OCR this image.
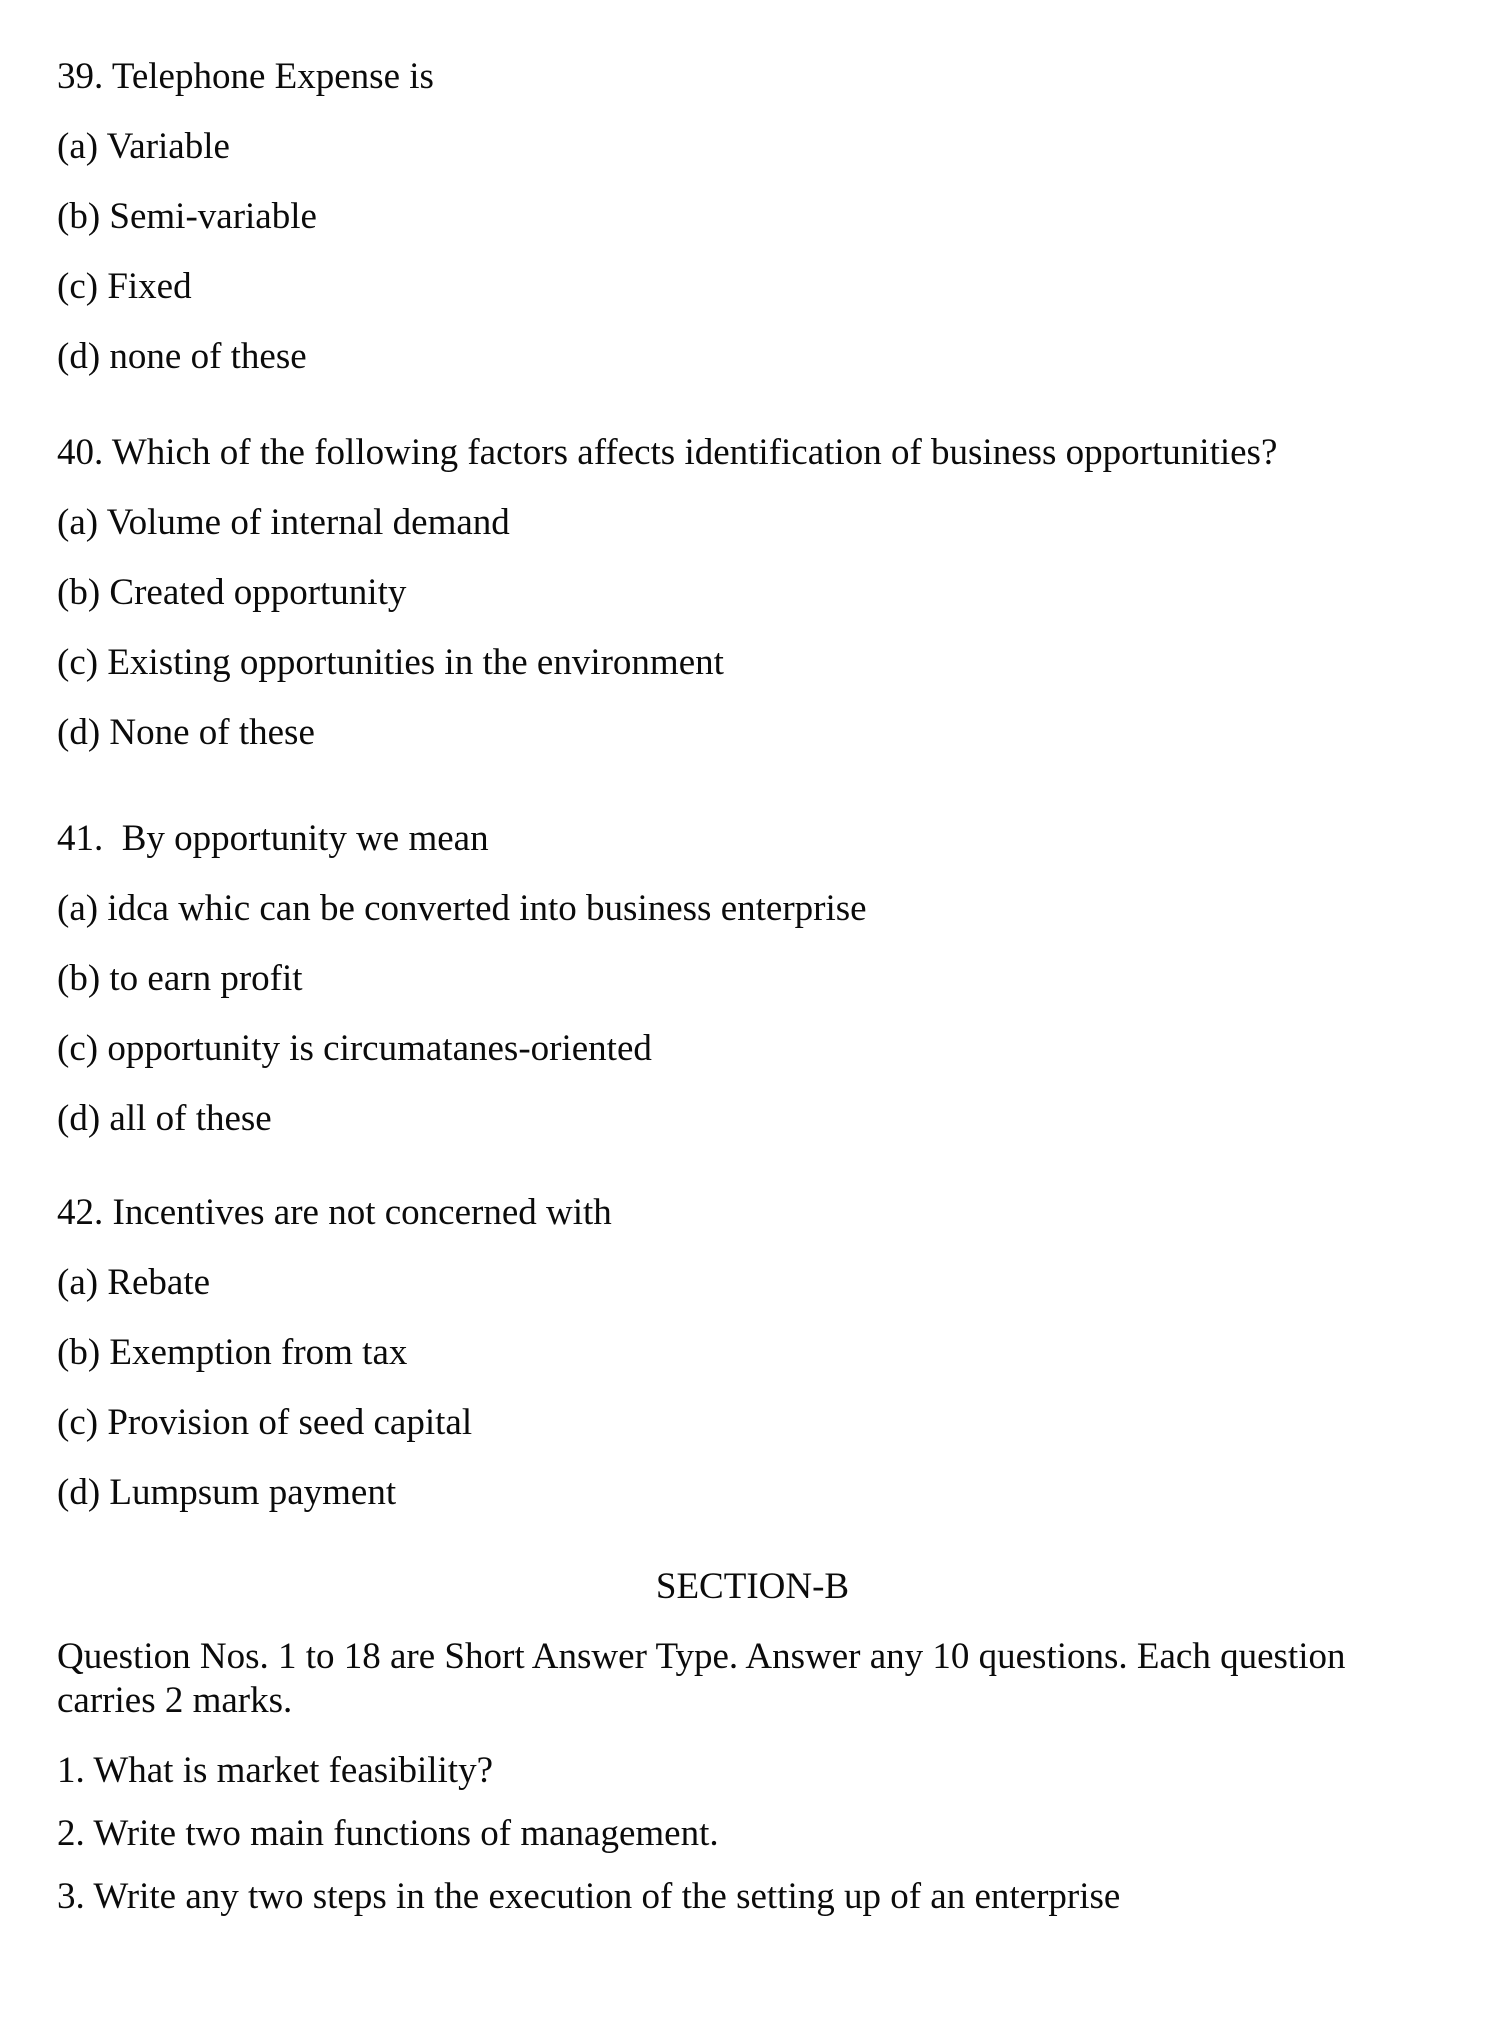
39. Telephone Expense is

(a) Variable

(b) Semi-variable

(c) Fixed

(d) none of these

40. Which of the following factors affects identification of business opportunities?

(a) Volume of internal demand

(b) Created opportunity

(c) Existing opportunities in the environment

(d) None of these

41.  By opportunity we mean

(a) idca whic can be converted into business enterprise

(b) to earn profit

(c) opportunity is circumatanes-oriented

(d) all of these

42. Incentives are not concerned with

(a) Rebate

(b) Exemption from tax

(c) Provision of seed capital

(d) Lumpsum payment

SECTION-B

Question Nos. 1 to 18 are Short Answer Type. Answer any 10 questions. Each question carries 2 marks.

1. What is market feasibility?

2. Write two main functions of management.

3. Write any two steps in the execution of the setting up of an enterprise
